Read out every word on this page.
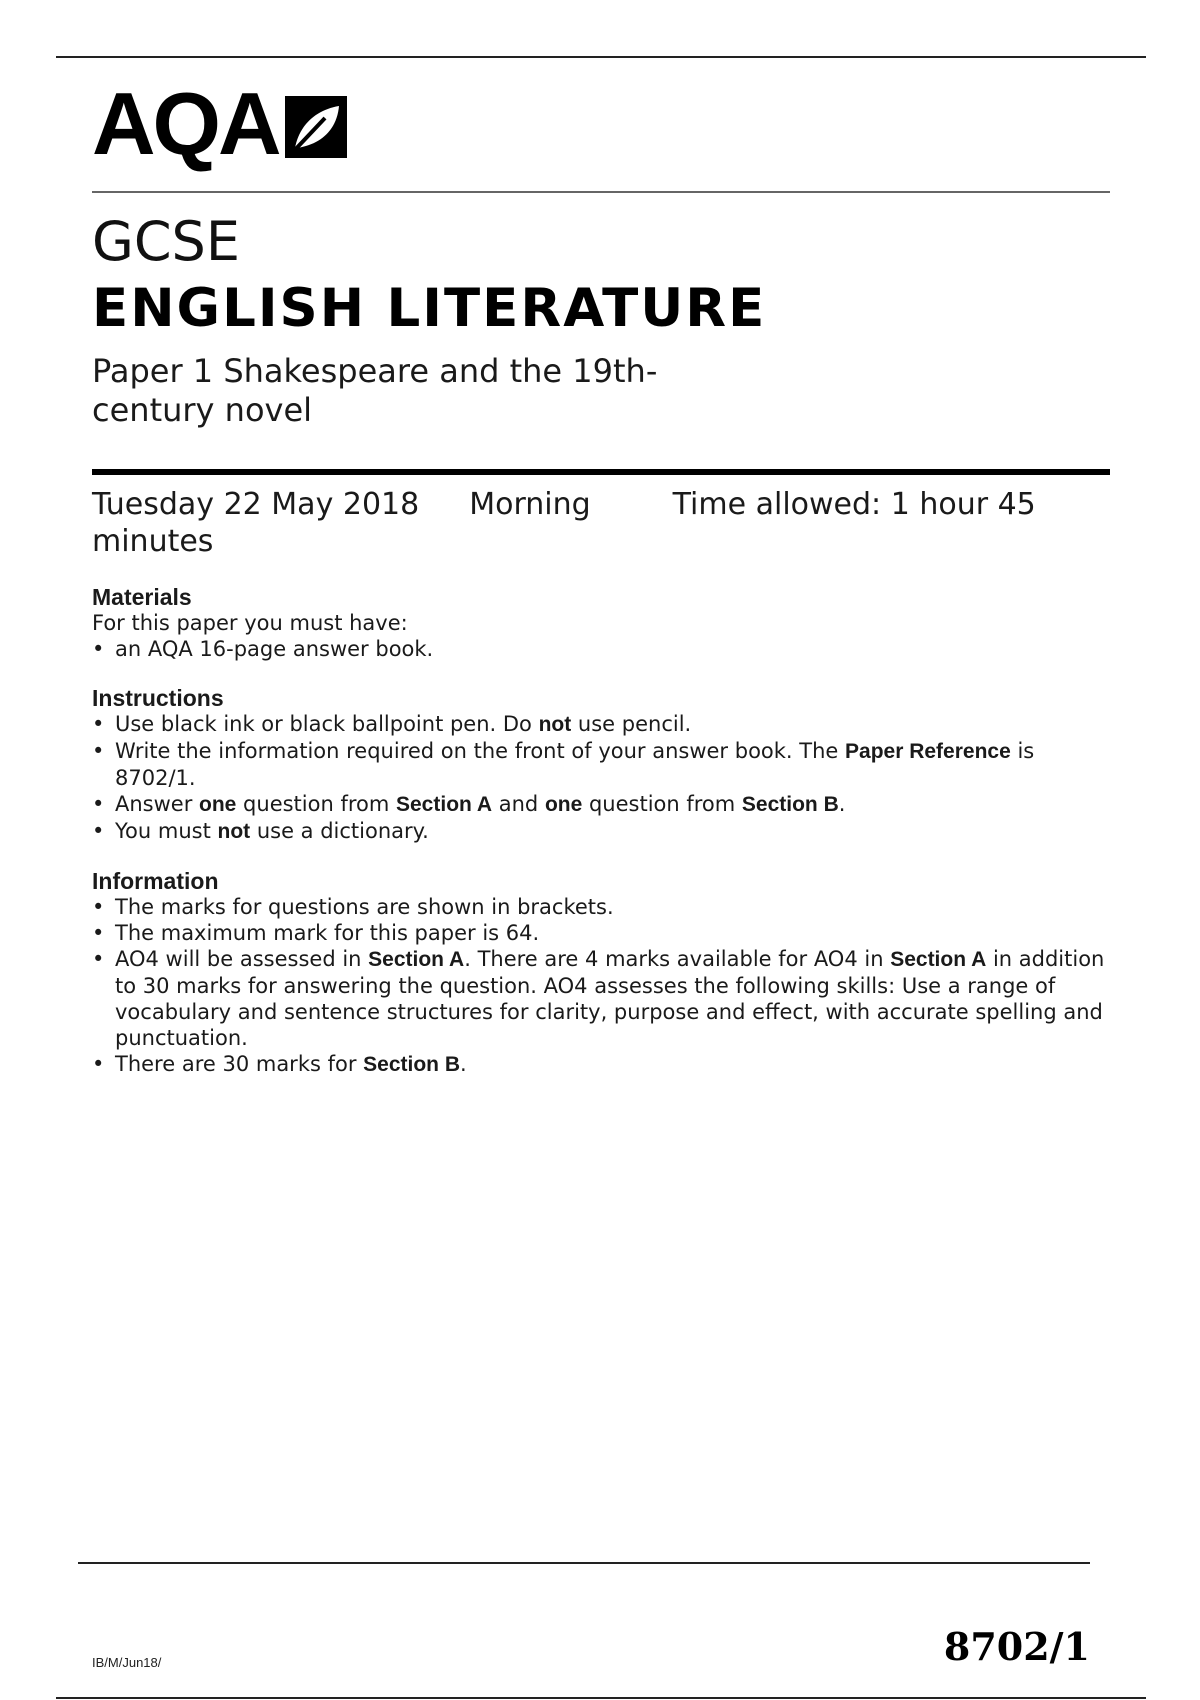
AQA
GCSE
ENGLISH LITERATURE
Paper 1 Shakespeare and the 19th-century novel
Tuesday 22 May 2018 Morning	Time allowed: 1 hour 45 minutes

Materials

For this paper you must have:

• an AQA 16-page answer book.

Instructions

• Use black ink or black ballpoint pen. Do not use pencil.
• Write the information required on the front of your answer book. The Paper Reference is 8702/1.
• Answer one question from Section A and one question from Section B.
• You must not use a dictionary.

Information

• The marks for questions are shown in brackets.
• The maximum mark for this paper is 64.
• AO4 will be assessed in Section A. There are 4 marks available for AO4 in Section A in addition to 30 marks for answering the question. AO4 assesses the following skills: Use a range of vocabulary and sentence structures for clarity, purpose and effect, with accurate spelling and punctuation.
• There are 30 marks for Section B.
IB/M/Jun18/	8702/1
